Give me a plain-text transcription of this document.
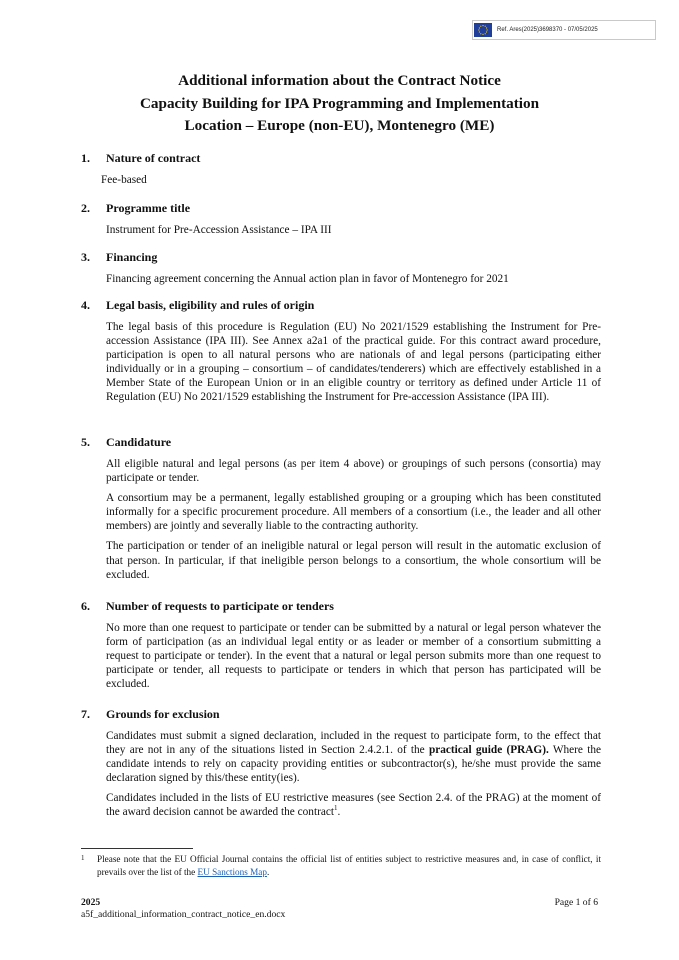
Ref. Ares(2025)3698370 - 07/05/2025
Additional information about the Contract Notice
Capacity Building for IPA Programming and Implementation
Location – Europe (non-EU), Montenegro (ME)
1.	Nature of contract
Fee-based
2.	Programme title
Instrument for Pre-Accession Assistance – IPA III
3.	Financing
Financing agreement concerning the Annual action plan in favor of Montenegro for 2021
4.	Legal basis, eligibility and rules of origin
The legal basis of this procedure is Regulation (EU) No 2021/1529 establishing the Instrument for Pre-accession Assistance (IPA III). See Annex a2a1 of the practical guide. For this contract award procedure, participation is open to all natural persons who are nationals of and legal persons (participating either individually or in a grouping – consortium – of candidates/tenderers) which are effectively established in a Member State of the European Union or in an eligible country or territory as defined under Article 11 of Regulation (EU) No 2021/1529 establishing the Instrument for Pre-accession Assistance (IPA III).
5.	Candidature
All eligible natural and legal persons (as per item 4 above) or groupings of such persons (consortia) may participate or tender.
A consortium may be a permanent, legally established grouping or a grouping which has been constituted informally for a specific procurement procedure. All members of a consortium (i.e., the leader and all other members) are jointly and severally liable to the contracting authority.
The participation or tender of an ineligible natural or legal person will result in the automatic exclusion of that person. In particular, if that ineligible person belongs to a consortium, the whole consortium will be excluded.
6.	Number of requests to participate or tenders
No more than one request to participate or tender can be submitted by a natural or legal person whatever the form of participation (as an individual legal entity or as leader or member of a consortium submitting a request to participate or tender). In the event that a natural or legal person submits more than one request to participate or tender, all requests to participate or tenders in which that person has participated will be excluded.
7.	Grounds for exclusion
Candidates must submit a signed declaration, included in the request to participate form, to the effect that they are not in any of the situations listed in Section 2.4.2.1. of the practical guide (PRAG). Where the candidate intends to rely on capacity providing entities or subcontractor(s), he/she must provide the same declaration signed by this/these entity(ies).
Candidates included in the lists of EU restrictive measures (see Section 2.4. of the PRAG) at the moment of the award decision cannot be awarded the contract$^1$.
1	Please note that the EU Official Journal contains the official list of entities subject to restrictive measures and, in case of conflict, it prevails over the list of the EU Sanctions Map.
2025
a5f_additional_information_contract_notice_en.docx
Page 1 of 6
